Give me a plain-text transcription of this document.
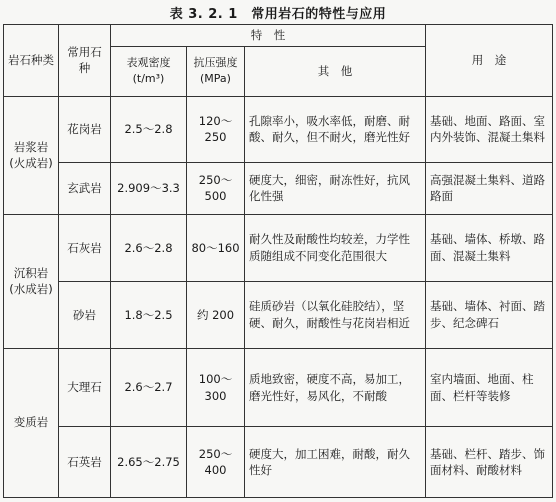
表 3. 2. 1　常用岩石的特性与应用
岩石种类	常用石种	特　性			用　途
		表观密度(t/m³)	抗压强度(MPa)	其　他	
岩浆岩(火成岩)	花岗岩	2.5～2.8	120～250	孔隙率小，吸水率低，耐磨、耐酸、耐久，但不耐火，磨光性好	基础、地面、路面、室内外装饰、混凝土集料
	玄武岩	2.909～3.3	250～500	硬度大，细密，耐冻性好，抗风化性强	高强混凝土集料、道路路面
沉积岩(水成岩)	石灰岩	2.6～2.8	80～160	耐久性及耐酸性均较差，力学性质随组成不同变化范围很大	基础、墙体、桥墩、路面、混凝土集料
	砂岩	1.8～2.5	约 200	硅质砂岩（以氧化硅胶结），坚硬、耐久，耐酸性与花岗岩相近	基础、墙体、衬面、踏步、纪念碑石
变质岩	大理石	2.6～2.7	100～300	质地致密，硬度不高，易加工，磨光性好，易风化，不耐酸	室内墙面、地面、柱面、栏杆等装修
	石英岩	2.65～2.75	250～400	硬度大，加工困难，耐酸，耐久性好	基础、栏杆、踏步、饰面材料、耐酸材料
